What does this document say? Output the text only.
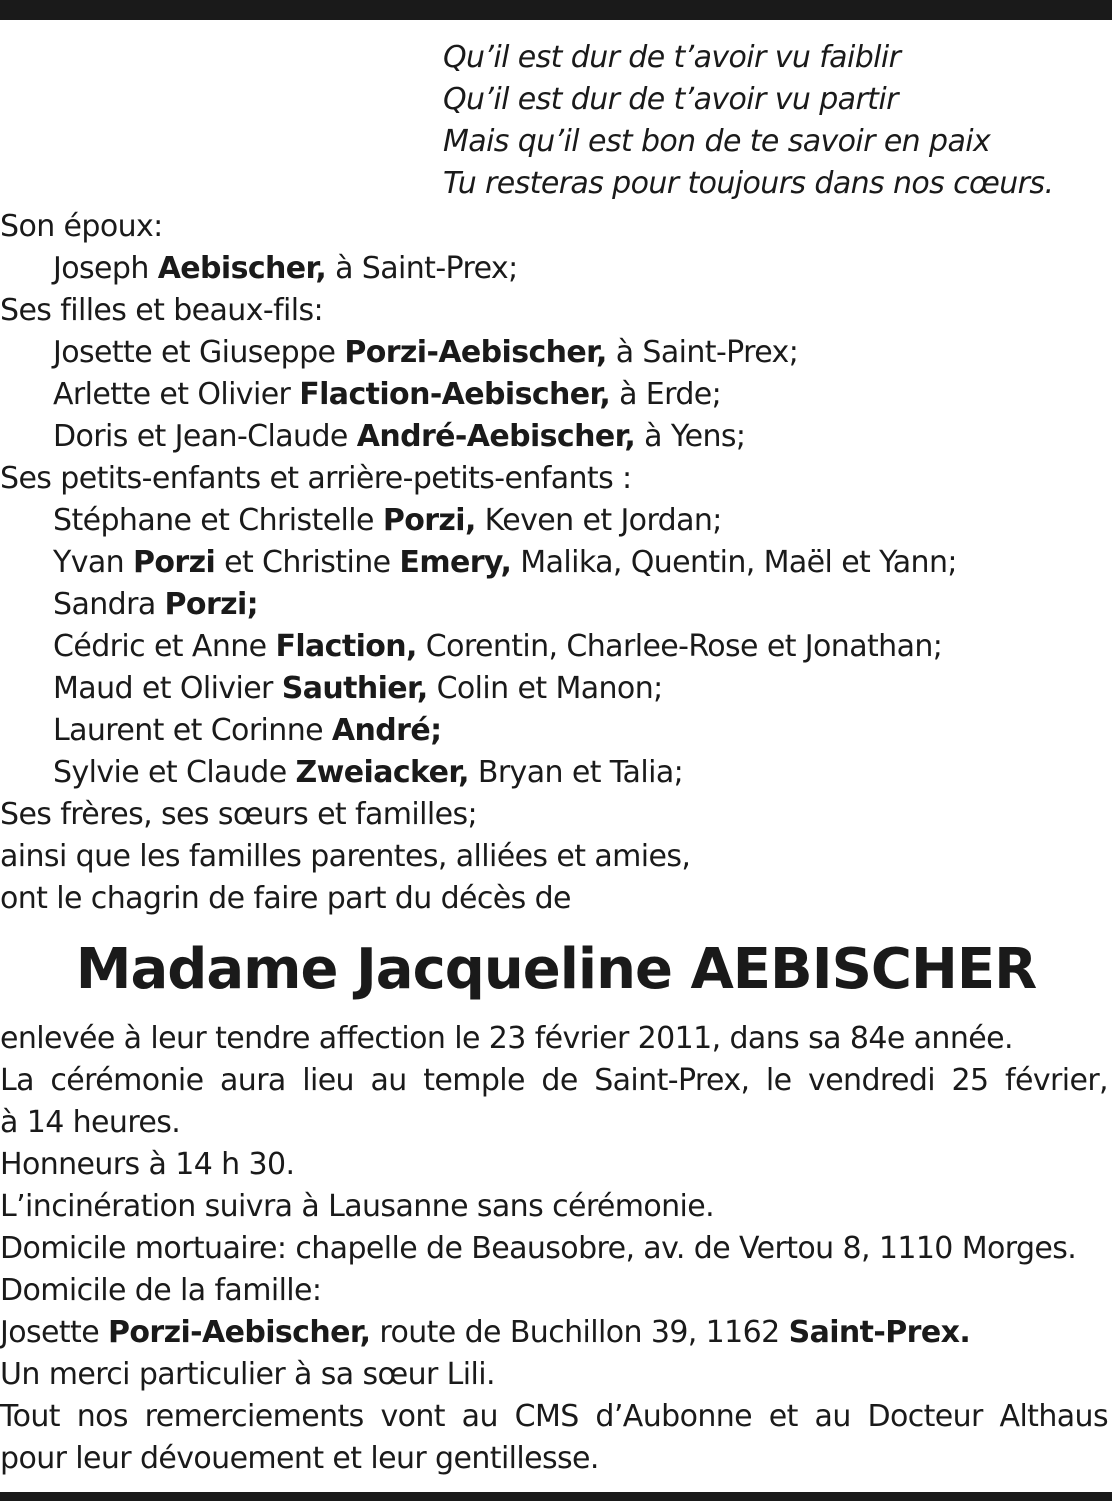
Qu’il est dur de t’avoir vu faiblir
Qu’il est dur de t’avoir vu partir
Mais qu’il est bon de te savoir en paix
Tu resteras pour toujours dans nos cœurs.
Son époux:
Joseph Aebischer, à Saint-Prex;
Ses filles et beaux-fils:
Josette et Giuseppe Porzi-Aebischer, à Saint-Prex;
Arlette et Olivier Flaction-Aebischer, à Erde;
Doris et Jean-Claude André-Aebischer, à Yens;
Ses petits-enfants et arrière-petits-enfants :
Stéphane et Christelle Porzi, Keven et Jordan;
Yvan Porzi et Christine Emery, Malika, Quentin, Maël et Yann;
Sandra Porzi;
Cédric et Anne Flaction, Corentin, Charlee-Rose et Jonathan;
Maud et Olivier Sauthier, Colin et Manon;
Laurent et Corinne André;
Sylvie et Claude Zweiacker, Bryan et Talia;
Ses frères, ses sœurs et familles;
ainsi que les familles parentes, alliées et amies,
ont le chagrin de faire part du décès de
Madame Jacqueline AEBISCHER
enlevée à leur tendre affection le 23 février 2011, dans sa 84e année.
La cérémonie aura lieu au temple de Saint-Prex, le vendredi 25 février,
à 14 heures.
Honneurs à 14 h 30.
L’incinération suivra à Lausanne sans cérémonie.
Domicile mortuaire: chapelle de Beausobre, av. de Vertou 8, 1110 Morges.
Domicile de la famille:
Josette Porzi-Aebischer, route de Buchillon 39, 1162 Saint-Prex.
Un merci particulier à sa sœur Lili.
Tout nos remerciements vont au CMS d’Aubonne et au Docteur Althaus
pour leur dévouement et leur gentillesse.
